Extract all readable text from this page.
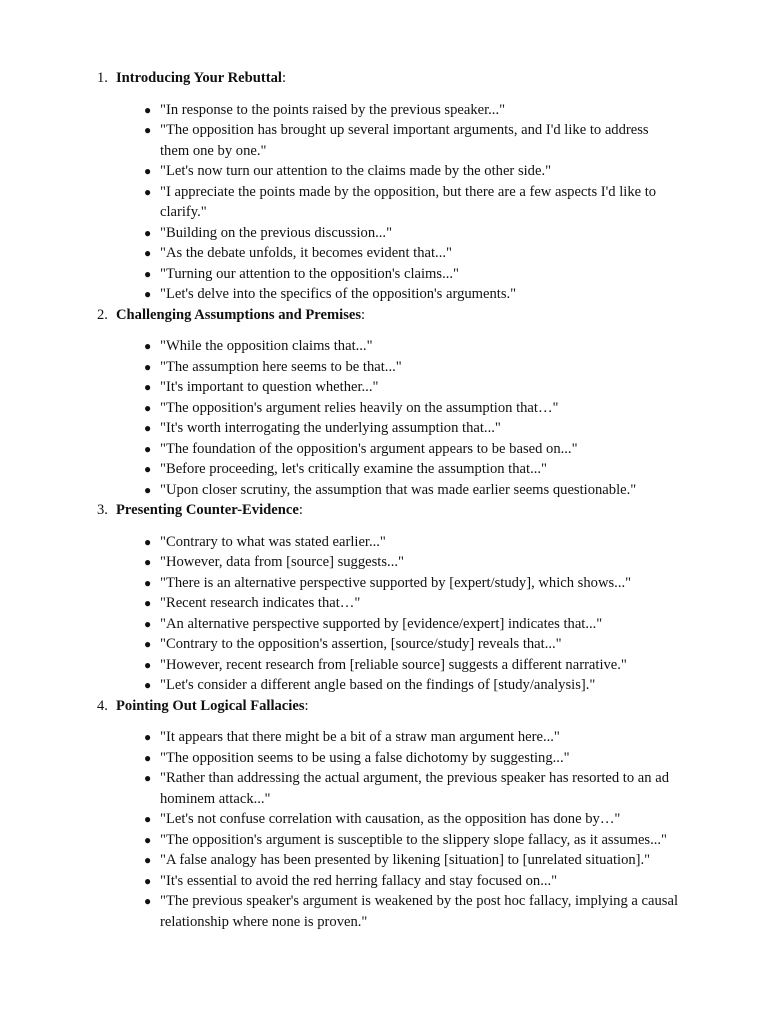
1. Introducing Your Rebuttal:
● "In response to the points raised by the previous speaker..."
● "The opposition has brought up several important arguments, and I'd like to address them one by one."
● "Let's now turn our attention to the claims made by the other side."
● "I appreciate the points made by the opposition, but there are a few aspects I'd like to clarify."
● "Building on the previous discussion..."
● "As the debate unfolds, it becomes evident that..."
● "Turning our attention to the opposition's claims..."
● "Let's delve into the specifics of the opposition's arguments."
2. Challenging Assumptions and Premises:
● "While the opposition claims that..."
● "The assumption here seems to be that..."
● "It's important to question whether..."
● "The opposition's argument relies heavily on the assumption that…"
● "It's worth interrogating the underlying assumption that..."
● "The foundation of the opposition's argument appears to be based on..."
● "Before proceeding, let's critically examine the assumption that..."
● "Upon closer scrutiny, the assumption that was made earlier seems questionable."
3. Presenting Counter-Evidence:
● "Contrary to what was stated earlier..."
● "However, data from [source] suggests..."
● "There is an alternative perspective supported by [expert/study], which shows..."
● "Recent research indicates that…"
● "An alternative perspective supported by [evidence/expert] indicates that..."
● "Contrary to the opposition's assertion, [source/study] reveals that..."
● "However, recent research from [reliable source] suggests a different narrative."
● "Let's consider a different angle based on the findings of [study/analysis]."
4. Pointing Out Logical Fallacies:
● "It appears that there might be a bit of a straw man argument here..."
● "The opposition seems to be using a false dichotomy by suggesting..."
● "Rather than addressing the actual argument, the previous speaker has resorted to an ad hominem attack..."
● "Let's not confuse correlation with causation, as the opposition has done by…"
● "The opposition's argument is susceptible to the slippery slope fallacy, as it assumes..."
● "A false analogy has been presented by likening [situation] to [unrelated situation]."
● "It's essential to avoid the red herring fallacy and stay focused on..."
● "The previous speaker's argument is weakened by the post hoc fallacy, implying a causal relationship where none is proven."
